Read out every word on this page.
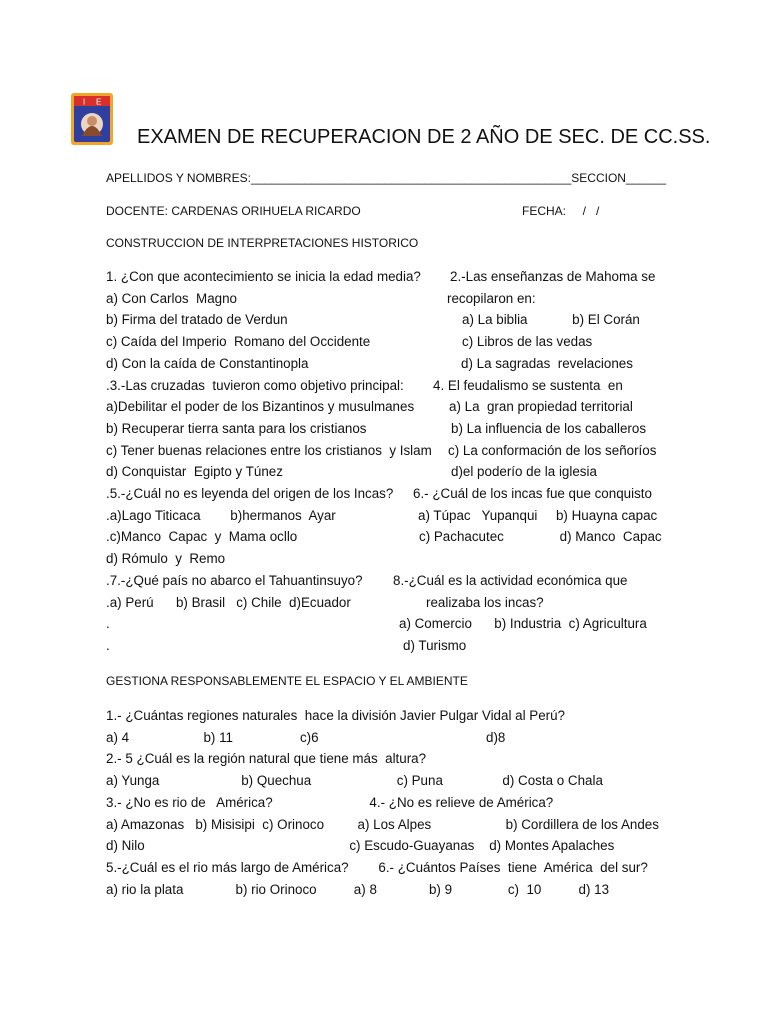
I E
EXAMEN DE RECUPERACION DE 2 AÑO DE SEC. DE CC.SS.
APELLIDOS Y NOMBRES:________________________________________________SECCION______
DOCENTE: CARDENAS ORIHUELA RICARDO	FECHA:     /   /
CONSTRUCCION DE INTERPRETACIONES HISTORICO
1. ¿Con que acontecimiento se inicia la edad media? 2.-Las enseñanzas de Mahoma se
a) Con Carlos  Magno	recopilaron en:
b) Firma del tratado de Verdun	a) La biblia            b) El Corán
c) Caída del Imperio  Romano del Occidente	c) Libros de las vedas
d) Con la caída de Constantinopla	d) La sagradas  revelaciones
.3.-Las cruzadas  tuvieron como objetivo principal: 4. El feudalismo se sustenta  en
a)Debilitar el poder de los Bizantinos y musulmanes	a) La  gran propiedad territorial
b) Recuperar tierra santa para los cristianos	b) La influencia de los caballeros
c) Tener buenas relaciones entre los cristianos  y Islam c) La conformación de los señoríos
d) Conquistar  Egipto y Túnez	d)el poderío de la iglesia
.5.-¿Cuál no es leyenda del origen de los Incas? 6.- ¿Cuál de los incas fue que conquisto
.a)Lago Titicaca        b)hermanos  Ayar	a) Túpac   Yupanqui     b) Huayna capac
.c)Manco  Capac  y  Mama ocllo	c) Pachacutec               d) Manco  Capac
d) Rómulo  y  Remo
.7.-¿Qué país no abarco el Tahuantinsuyo? 8.-¿Cuál es la actividad económica que
.a) Perú      b) Brasil   c) Chile  d)Ecuador	realizaba los incas?
.	a) Comercio      b) Industria  c) Agricultura
.	d) Turismo
GESTIONA RESPONSABLEMENTE EL ESPACIO Y EL AMBIENTE
1.- ¿Cuántas regiones naturales  hace la división Javier Pulgar Vidal al Perú?
a) 4                    b) 11                  c)6                                             d)8
2.- 5 ¿Cuál es la región natural que tiene más  altura?
a) Yunga                      b) Quechua                       c) Puna                d) Costa o Chala
3.- ¿No es rio de   América?                          4.- ¿No es relieve de América?
a) Amazonas   b) Misisipi  c) Orinoco         a) Los Alpes                    b) Cordillera de los Andes
d) Nilo                                                       c) Escudo-Guayanas    d) Montes Apalaches
5.-¿Cuál es el rio más largo de América?        6.- ¿Cuántos Países  tiene  América  del sur?
a) rio la plata              b) rio Orinoco          a) 8              b) 9               c)  10          d) 13
